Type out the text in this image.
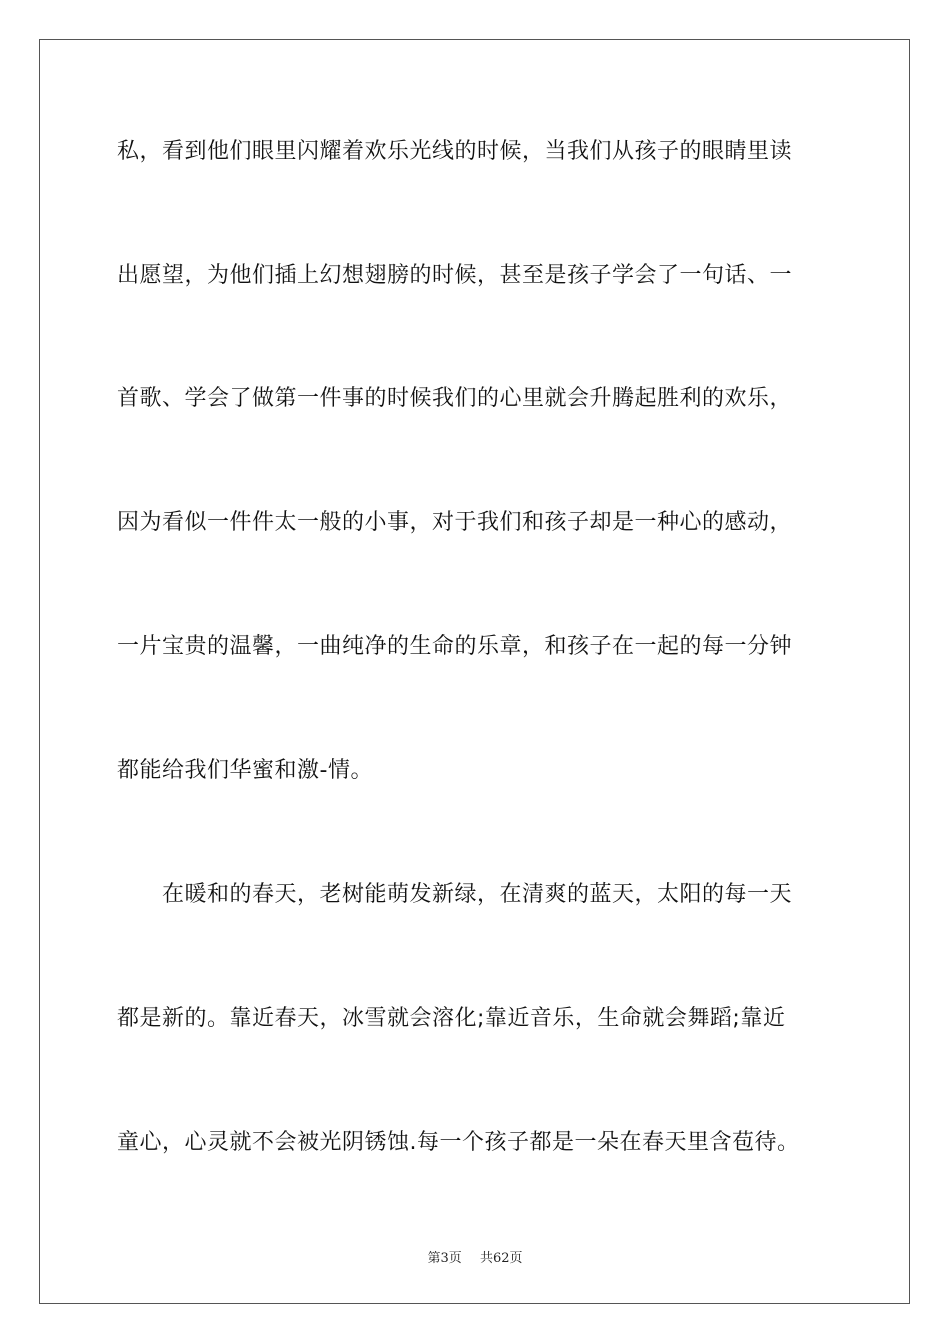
私，看到他们眼里闪耀着欢乐光线的时候，当我们从孩子的眼睛里读
出愿望，为他们插上幻想翅膀的时候，甚至是孩子学会了一句话、一
首歌、学会了做第一件事的时候我们的心里就会升腾起胜利的欢乐，
因为看似一件件太一般的小事，对于我们和孩子却是一种心的感动，
一片宝贵的温馨，一曲纯净的生命的乐章，和孩子在一起的每一分钟
都能给我们华蜜和激-情。
　　在暖和的春天，老树能萌发新绿，在清爽的蓝天，太阳的每一天
都是新的。靠近春天，冰雪就会溶化;靠近音乐，生命就会舞蹈;靠近
童心，心灵就不会被光阴锈蚀.每一个孩子都是一朵在春天里含苞待。
第3页 共62页
